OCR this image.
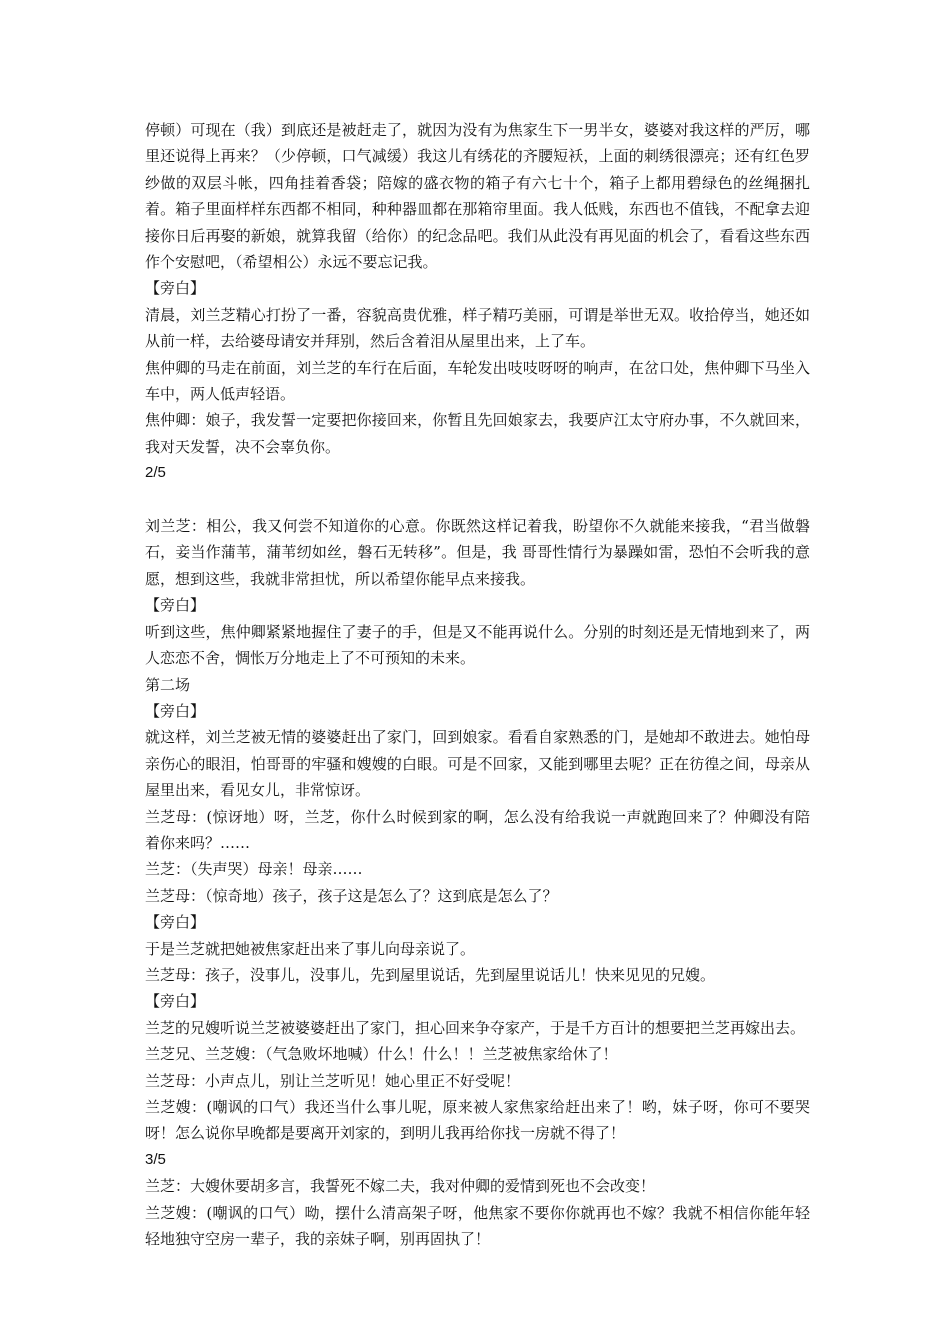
停顿）可现在（我）到底还是被赶走了，就因为没有为焦家生下一男半女，婆婆对我这样的严厉，哪里还说得上再来？（少停顿，口气减缓）我这儿有绣花的齐腰短袄，上面的刺绣很漂亮；还有红色罗纱做的双层斗帐，四角挂着香袋；陪嫁的盛衣物的箱子有六七十个，箱子上都用碧绿色的丝绳捆扎着。箱子里面样样东西都不相同，种种器皿都在那箱帘里面。我人低贱，东西也不值钱，不配拿去迎接你日后再娶的新娘，就算我留（给你）的纪念品吧。我们从此没有再见面的机会了，看看这些东西作个安慰吧，（希望相公）永远不要忘记我。

【旁白】

清晨，刘兰芝精心打扮了一番，容貌高贵优雅，样子精巧美丽，可谓是举世无双。收拾停当，她还如从前一样，去给婆母请安并拜别，然后含着泪从屋里出来，上了车。

焦仲卿的马走在前面，刘兰芝的车行在后面，车轮发出吱吱呀呀的响声，在岔口处，焦仲卿下马坐入车中，两人低声轻语。

焦仲卿：娘子，我发誓一定要把你接回来，你暂且先回娘家去，我要庐江太守府办事，不久就回来，我对天发誓，决不会辜负你。

2/5

刘兰芝：相公，我又何尝不知道你的心意。你既然这样记着我，盼望你不久就能来接我，“君当做磐石，妾当作蒲苇，蒲苇纫如丝，磐石无转移”。但是，我 哥哥性情行为暴躁如雷，恐怕不会听我的意愿，想到这些，我就非常担忧，所以希望你能早点来接我。

【旁白】

听到这些，焦仲卿紧紧地握住了妻子的手，但是又不能再说什么。分别的时刻还是无情地到来了，两人恋恋不舍，惆怅万分地走上了不可预知的未来。

第二场

【旁白】

就这样，刘兰芝被无情的婆婆赶出了家门，回到娘家。看看自家熟悉的门，是她却不敢进去。她怕母亲伤心的眼泪，怕哥哥的牢骚和嫂嫂的白眼。可是不回家，又能到哪里去呢？正在彷徨之间，母亲从屋里出来，看见女儿，非常惊讶。

兰芝母：(惊讶地）呀，兰芝，你什么时候到家的啊，怎么没有给我说一声就跑回来了？仲卿没有陪着你来吗？……

兰芝：（失声哭）母亲！母亲……

兰芝母：（惊奇地）孩子，孩子这是怎么了？这到底是怎么了？

【旁白】

于是兰芝就把她被焦家赶出来了事儿向母亲说了。

兰芝母：孩子，没事儿，没事儿，先到屋里说话，先到屋里说话儿！快来见见的兄嫂。

【旁白】

兰芝的兄嫂听说兰芝被婆婆赶出了家门，担心回来争夺家产，于是千方百计的想要把兰芝再嫁出去。

兰芝兄、兰芝嫂：（气急败坏地喊）什么！什么！！兰芝被焦家给休了！

兰芝母：小声点儿，别让兰芝听见！她心里正不好受呢！

兰芝嫂：(嘲讽的口气）我还当什么事儿呢，原来被人家焦家给赶出来了！哟，妹子呀，你可不要哭呀！怎么说你早晚都是要离开刘家的，到明儿我再给你找一房就不得了！

3/5

兰芝：大嫂休要胡多言，我誓死不嫁二夫，我对仲卿的爱情到死也不会改变！

兰芝嫂：(嘲讽的口气）呦，摆什么清高架子呀，他焦家不要你你就再也不嫁？我就不相信你能年轻轻地独守空房一辈子，我的亲妹子啊，别再固执了！
